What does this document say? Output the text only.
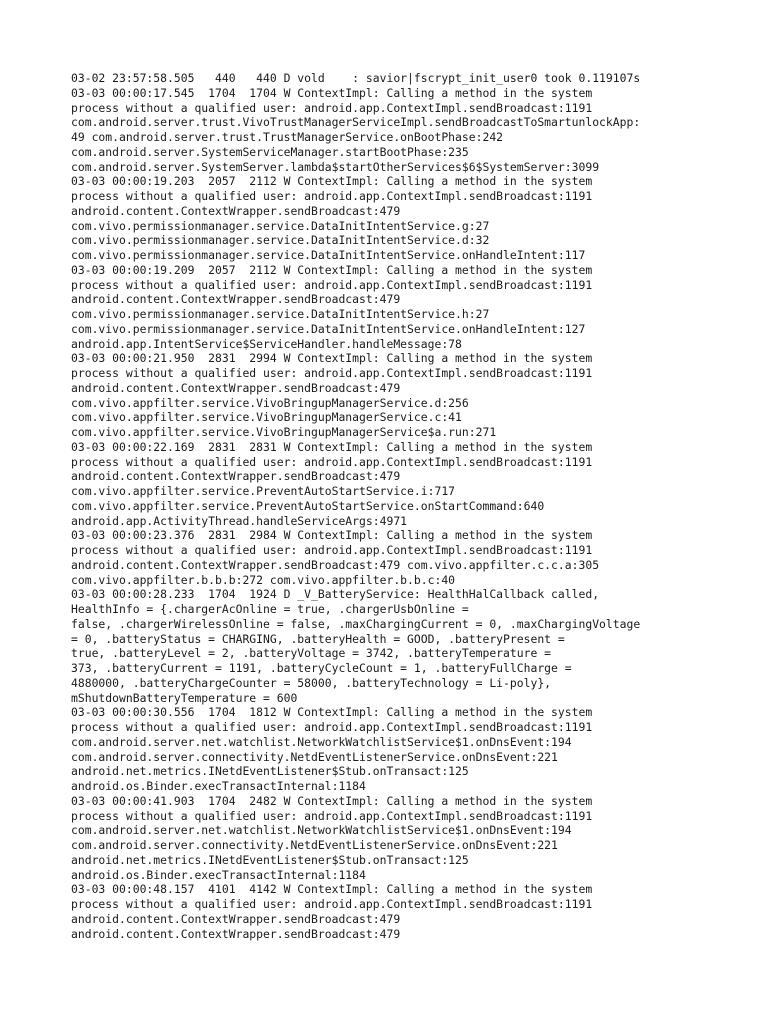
03-02 23:57:58.505   440   440 D vold    : savior|fscrypt_init_user0 took 0.119107s
03-03 00:00:17.545  1704  1704 W ContextImpl: Calling a method in the system
process without a qualified user: android.app.ContextImpl.sendBroadcast:1191
com.android.server.trust.VivoTrustManagerServiceImpl.sendBroadcastToSmartunlockApp:
49 com.android.server.trust.TrustManagerService.onBootPhase:242
com.android.server.SystemServiceManager.startBootPhase:235
com.android.server.SystemServer.lambda$startOtherServices$6$SystemServer:3099
03-03 00:00:19.203  2057  2112 W ContextImpl: Calling a method in the system
process without a qualified user: android.app.ContextImpl.sendBroadcast:1191
android.content.ContextWrapper.sendBroadcast:479
com.vivo.permissionmanager.service.DataInitIntentService.g:27
com.vivo.permissionmanager.service.DataInitIntentService.d:32
com.vivo.permissionmanager.service.DataInitIntentService.onHandleIntent:117
03-03 00:00:19.209  2057  2112 W ContextImpl: Calling a method in the system
process without a qualified user: android.app.ContextImpl.sendBroadcast:1191
android.content.ContextWrapper.sendBroadcast:479
com.vivo.permissionmanager.service.DataInitIntentService.h:27
com.vivo.permissionmanager.service.DataInitIntentService.onHandleIntent:127
android.app.IntentService$ServiceHandler.handleMessage:78
03-03 00:00:21.950  2831  2994 W ContextImpl: Calling a method in the system
process without a qualified user: android.app.ContextImpl.sendBroadcast:1191
android.content.ContextWrapper.sendBroadcast:479
com.vivo.appfilter.service.VivoBringupManagerService.d:256
com.vivo.appfilter.service.VivoBringupManagerService.c:41
com.vivo.appfilter.service.VivoBringupManagerService$a.run:271
03-03 00:00:22.169  2831  2831 W ContextImpl: Calling a method in the system
process without a qualified user: android.app.ContextImpl.sendBroadcast:1191
android.content.ContextWrapper.sendBroadcast:479
com.vivo.appfilter.service.PreventAutoStartService.i:717
com.vivo.appfilter.service.PreventAutoStartService.onStartCommand:640
android.app.ActivityThread.handleServiceArgs:4971
03-03 00:00:23.376  2831  2984 W ContextImpl: Calling a method in the system
process without a qualified user: android.app.ContextImpl.sendBroadcast:1191
android.content.ContextWrapper.sendBroadcast:479 com.vivo.appfilter.c.c.a:305
com.vivo.appfilter.b.b.b:272 com.vivo.appfilter.b.b.c:40
03-03 00:00:28.233  1704  1924 D _V_BatteryService: HealthHalCallback called,
HealthInfo = {.chargerAcOnline = true, .chargerUsbOnline =
false, .chargerWirelessOnline = false, .maxChargingCurrent = 0, .maxChargingVoltage
= 0, .batteryStatus = CHARGING, .batteryHealth = GOOD, .batteryPresent =
true, .batteryLevel = 2, .batteryVoltage = 3742, .batteryTemperature =
373, .batteryCurrent = 1191, .batteryCycleCount = 1, .batteryFullCharge =
4880000, .batteryChargeCounter = 58000, .batteryTechnology = Li-poly},
mShutdownBatteryTemperature = 600
03-03 00:00:30.556  1704  1812 W ContextImpl: Calling a method in the system
process without a qualified user: android.app.ContextImpl.sendBroadcast:1191
com.android.server.net.watchlist.NetworkWatchlistService$1.onDnsEvent:194
com.android.server.connectivity.NetdEventListenerService.onDnsEvent:221
android.net.metrics.INetdEventListener$Stub.onTransact:125
android.os.Binder.execTransactInternal:1184
03-03 00:00:41.903  1704  2482 W ContextImpl: Calling a method in the system
process without a qualified user: android.app.ContextImpl.sendBroadcast:1191
com.android.server.net.watchlist.NetworkWatchlistService$1.onDnsEvent:194
com.android.server.connectivity.NetdEventListenerService.onDnsEvent:221
android.net.metrics.INetdEventListener$Stub.onTransact:125
android.os.Binder.execTransactInternal:1184
03-03 00:00:48.157  4101  4142 W ContextImpl: Calling a method in the system
process without a qualified user: android.app.ContextImpl.sendBroadcast:1191
android.content.ContextWrapper.sendBroadcast:479
android.content.ContextWrapper.sendBroadcast:479
